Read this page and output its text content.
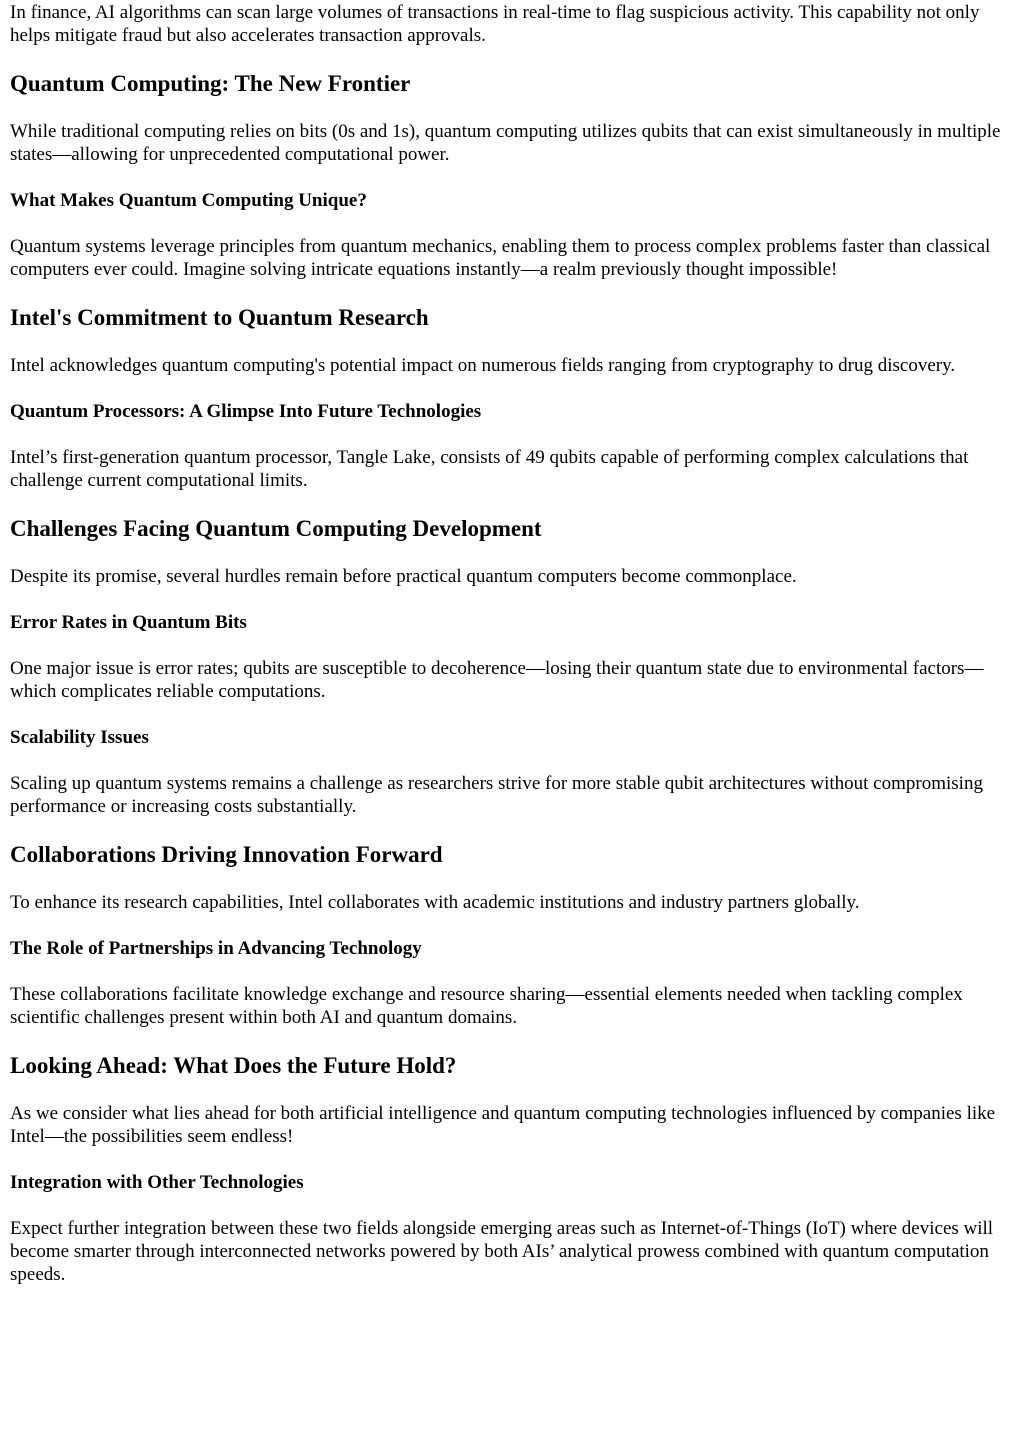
In finance, AI algorithms can scan large volumes of transactions in real-time to flag suspicious activity. This capability not only helps mitigate fraud but also accelerates transaction approvals.

Quantum Computing: The New Frontier

While traditional computing relies on bits (0s and 1s), quantum computing utilizes qubits that can exist simultaneously in multiple states—allowing for unprecedented computational power.

What Makes Quantum Computing Unique?

Quantum systems leverage principles from quantum mechanics, enabling them to process complex problems faster than classical computers ever could. Imagine solving intricate equations instantly—a realm previously thought impossible!

Intel's Commitment to Quantum Research

Intel acknowledges quantum computing's potential impact on numerous fields ranging from cryptography to drug discovery.

Quantum Processors: A Glimpse Into Future Technologies

Intel’s first-generation quantum processor, Tangle Lake, consists of 49 qubits capable of performing complex calculations that challenge current computational limits.

Challenges Facing Quantum Computing Development

Despite its promise, several hurdles remain before practical quantum computers become commonplace.

Error Rates in Quantum Bits

One major issue is error rates; qubits are susceptible to decoherence—losing their quantum state due to environmental factors—which complicates reliable computations.

Scalability Issues

Scaling up quantum systems remains a challenge as researchers strive for more stable qubit architectures without compromising performance or increasing costs substantially.

Collaborations Driving Innovation Forward

To enhance its research capabilities, Intel collaborates with academic institutions and industry partners globally.

The Role of Partnerships in Advancing Technology

These collaborations facilitate knowledge exchange and resource sharing—essential elements needed when tackling complex scientific challenges present within both AI and quantum domains.

Looking Ahead: What Does the Future Hold?

As we consider what lies ahead for both artificial intelligence and quantum computing technologies influenced by companies like Intel—the possibilities seem endless!

Integration with Other Technologies

Expect further integration between these two fields alongside emerging areas such as Internet-of-Things (IoT) where devices will become smarter through interconnected networks powered by both AIs’ analytical prowess combined with quantum computation speeds.
